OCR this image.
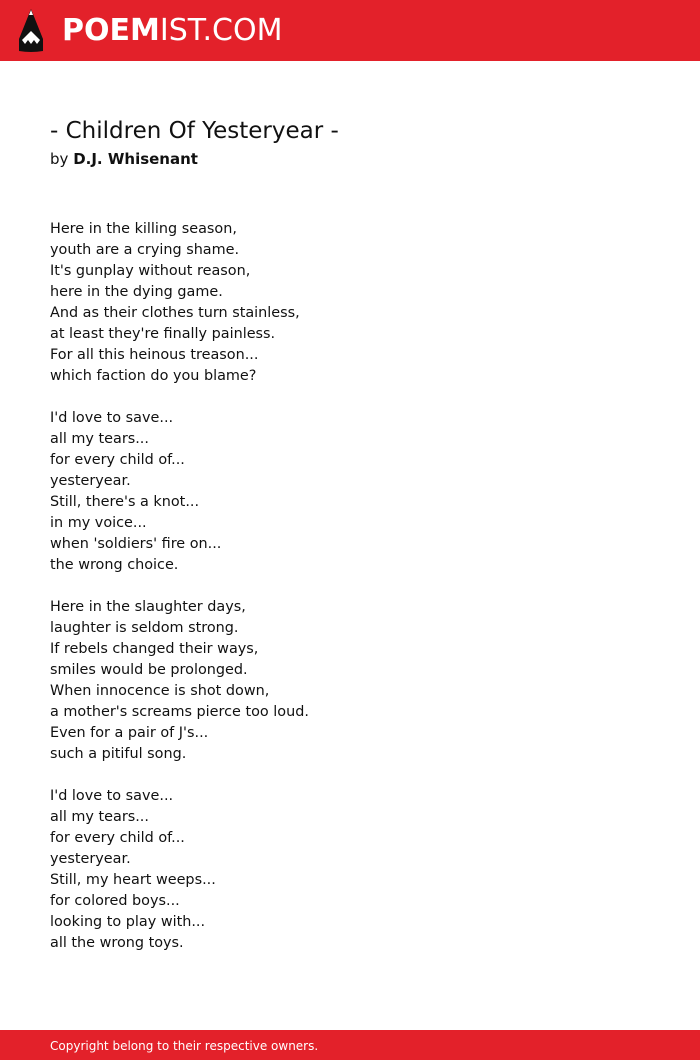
POEMIST.COM
- Children Of Yesteryear -
by D.J. Whisenant
Here in the killing season,
youth are a crying shame.
It's gunplay without reason,
here in the dying game.
And as their clothes turn stainless,
at least they're finally painless.
For all this heinous treason...
which faction do you blame?
I'd love to save...
all my tears...
for every child of...
yesteryear.
Still, there's a knot...
in my voice...
when 'soldiers' fire on...
the wrong choice.
Here in the slaughter days,
laughter is seldom strong.
If rebels changed their ways,
smiles would be prolonged.
When innocence is shot down,
a mother's screams pierce too loud.
Even for a pair of J's...
such a pitiful song.
I'd love to save...
all my tears...
for every child of...
yesteryear.
Still, my heart weeps...
for colored boys...
looking to play with...
all the wrong toys.
Copyright belong to their respective owners.
